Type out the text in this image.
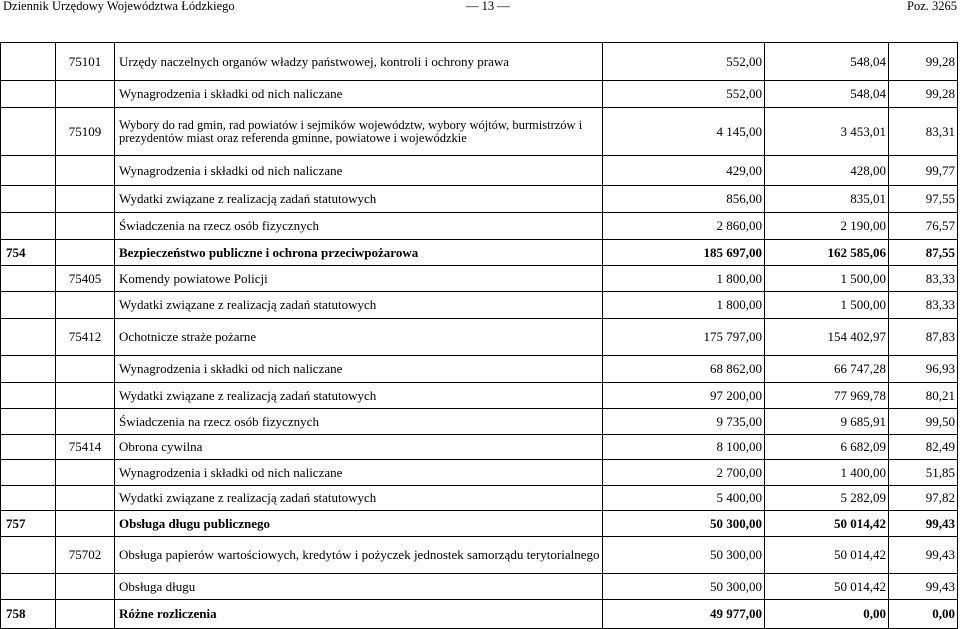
Dziennik Urzędowy Województwa Łódzkiego	— 13 —	Poz. 3265
	75101	Urzędy naczelnych organów władzy państwowej, kontroli i ochrony prawa	552,00	548,04	99,28
		Wynagrodzenia i składki od nich naliczane	552,00	548,04	99,28
	75109	Wybory do rad gmin, rad powiatów i sejmików województw, wybory wójtów, burmistrzów i prezydentów miast oraz referenda gminne, powiatowe i wojewódzkie	4 145,00	3 453,01	83,31
		Wynagrodzenia i składki od nich naliczane	429,00	428,00	99,77
		Wydatki związane z realizacją zadań statutowych	856,00	835,01	97,55
		Świadczenia na rzecz osób fizycznych	2 860,00	2 190,00	76,57
754		Bezpieczeństwo publiczne i ochrona przeciwpożarowa	185 697,00	162 585,06	87,55
	75405	Komendy powiatowe Policji	1 800,00	1 500,00	83,33
		Wydatki związane z realizacją zadań statutowych	1 800,00	1 500,00	83,33
	75412	Ochotnicze straże pożarne	175 797,00	154 402,97	87,83
		Wynagrodzenia i składki od nich naliczane	68 862,00	66 747,28	96,93
		Wydatki związane z realizacją zadań statutowych	97 200,00	77 969,78	80,21
		Świadczenia na rzecz osób fizycznych	9 735,00	9 685,91	99,50
	75414	Obrona cywilna	8 100,00	6 682,09	82,49
		Wynagrodzenia i składki od nich naliczane	2 700,00	1 400,00	51,85
		Wydatki związane z realizacją zadań statutowych	5 400,00	5 282,09	97,82
757		Obsługa długu publicznego	50 300,00	50 014,42	99,43
	75702	Obsługa papierów wartościowych, kredytów i pożyczek jednostek samorządu terytorialnego	50 300,00	50 014,42	99,43
		Obsługa długu	50 300,00	50 014,42	99,43
758		Różne rozliczenia	49 977,00	0,00	0,00
